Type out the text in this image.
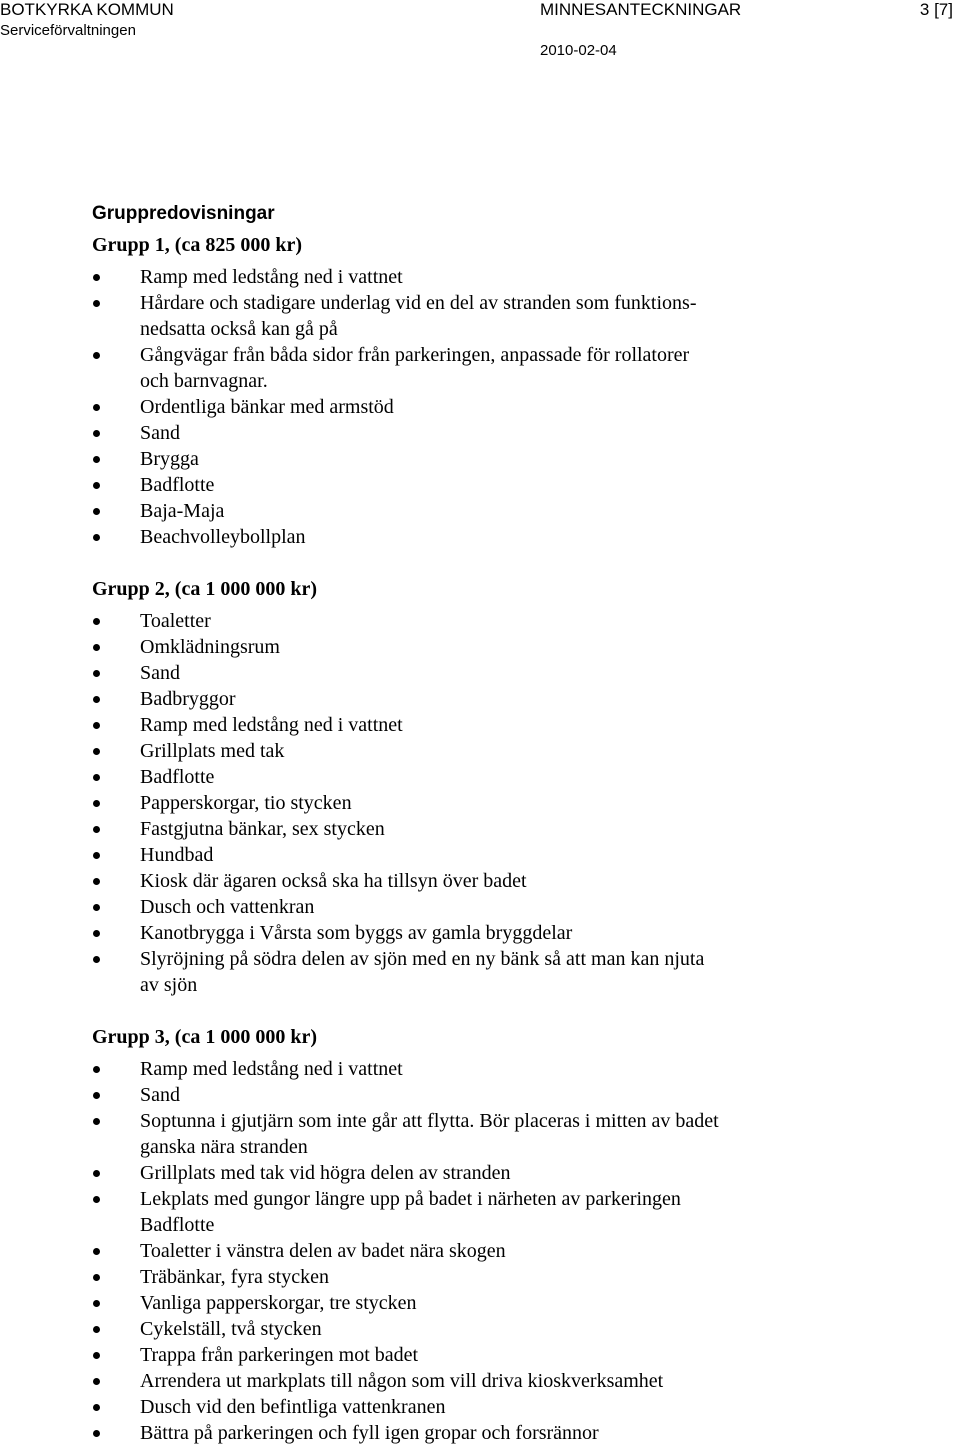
BOTKYRKA KOMMUN
Serviceförvaltningen
MINNESANTECKNINGAR	3 [7]
2010-02-04
Gruppredovisningar
Grupp 1, (ca 825 000 kr)
Ramp med ledstång ned i vattnet
Hårdare och stadigare underlag vid en del av stranden som funktions-
nedsatta också kan gå på
Gångvägar från båda sidor från parkeringen, anpassade för rollatorer
och barnvagnar.
Ordentliga bänkar med armstöd
Sand
Brygga
Badflotte
Baja-Maja
Beachvolleybollplan
Grupp 2, (ca 1 000 000 kr)
Toaletter
Omklädningsrum
Sand
Badbryggor
Ramp med ledstång ned i vattnet
Grillplats med tak
Badflotte
Papperskorgar, tio stycken
Fastgjutna bänkar, sex stycken
Hundbad
Kiosk där ägaren också ska ha tillsyn över badet
Dusch och vattenkran
Kanotbrygga i Vårsta som byggs av gamla bryggdelar
Slyröjning på södra delen av sjön med en ny bänk så att man kan njuta
av sjön
Grupp 3, (ca 1 000 000 kr)
Ramp med ledstång ned i vattnet
Sand
Soptunna i gjutjärn som inte går att flytta. Bör placeras i mitten av badet
ganska nära stranden
Grillplats med tak vid högra delen av stranden
Lekplats med gungor längre upp på badet i närheten av parkeringen
Badflotte
Toaletter i vänstra delen av badet nära skogen
Träbänkar, fyra stycken
Vanliga papperskorgar, tre stycken
Cykelställ, två stycken
Trappa från parkeringen mot badet
Arrendera ut markplats till någon som vill driva kioskverksamhet
Dusch vid den befintliga vattenkranen
Bättra på parkeringen och fyll igen gropar och forsrännor
